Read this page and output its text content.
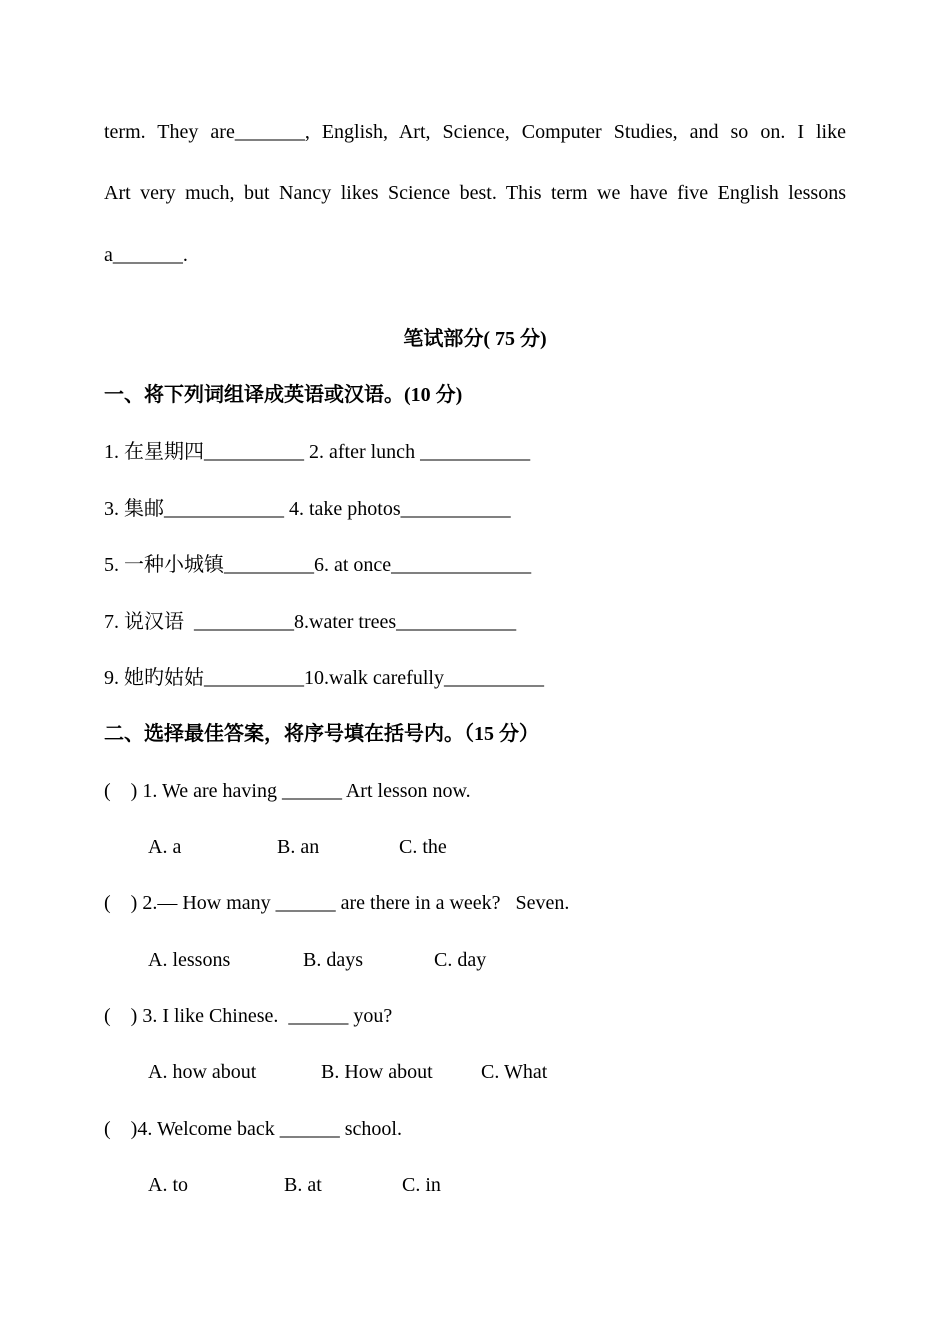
term. They are_______, English, Art, Science, Computer Studies, and so on. I like
Art very much, but Nancy likes Science best. This term we have five English lessons
a_______.
笔试部分( 75 分)
一、将下列词组译成英语或汉语。(10 分)
1. 在星期四__________ 2. after lunch ___________
3. 集邮____________ 4. take photos___________
5. 一种小城镇_________6. at once______________
7. 说汉语  __________8.water trees____________
9. 她旳姑姑__________10.walk carefully__________
二、选择最佳答案，将序号填在括号内。（15 分）
(    ) 1. We are having ______ Art lesson now.
A. a	B. an	C. the
(    ) 2.— How many ______ are there in a week?   Seven.
A. lessons	B. days	C. day
(    ) 3. I like Chinese.  ______ you?
A. how about	B. How about C. What
(    )4. Welcome back ______ school.
A. to	B. at	C. in
